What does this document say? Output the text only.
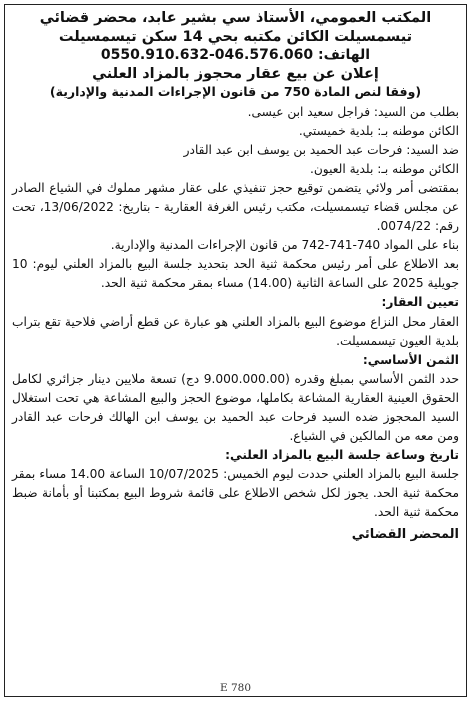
المكتب العمومي، الأستاذ سي بشير عابد، محضر قضائي
تيسمسيلت الكائن مكتبه بحي 14 سكن تيسمسيلت
الهاتف: 046.576.060-0550.910.632
إعلان عن بيع عقار محجوز بالمزاد العلني
(وفقا لنص المادة 750 من قانون الإجراءات المدنية والإدارية)

بطلب من السيد: فراجل سعيد ابن عيسى.

الكائن موطنه بـ: بلدية خميستي.

ضد السيد: فرحات عبد الحميد بن يوسف ابن عبد القادر

الكائن موطنه بـ: بلدية العيون.

بمقتضى أمر ولائي يتضمن توقيع حجز تنفيذي على عقار مشهر مملوك في الشياع الصادر عن مجلس قضاء تيسمسيلت، مكتب رئيس الغرفة العقارية - بتاريخ: 13/06/2022، تحت رقم: 0074/22.

بناء على المواد 740-741-742 من قانون الإجراءات المدنية والإدارية.

بعد الاطلاع على أمر رئيس محكمة ثنية الحد بتحديد جلسة البيع بالمزاد العلني ليوم: 10 جويلية 2025 على الساعة الثانية (14.00) مساء بمقر محكمة ثنية الحد.

تعيين العقار:

العقار محل النزاع موضوع البيع بالمزاد العلني هو عبارة عن قطع أراضي فلاحية تقع بتراب بلدية العيون تيسمسيلت.

الثمن الأساسي:

حدد الثمن الأساسي بمبلغ وقدره (9.000.000.00 دج) تسعة ملايين دينار جزائري لكامل الحقوق العينية العقارية المشاعة بكاملها، موضوع الحجز والبيع المشاعة هي تحت استغلال السيد المحجوز ضده السيد فرحات عبد الحميد بن يوسف ابن الهالك فرحات عبد القادر ومن معه من المالكين في الشياع.

تاريخ وساعة جلسة البيع بالمزاد العلني:

جلسة البيع بالمزاد العلني حددت ليوم الخميس: 10/07/2025 الساعة 14.00 مساء بمقر محكمة ثنية الحد. يجوز لكل شخص الاطلاع على قائمة شروط البيع بمكتبنا أو بأمانة ضبط محكمة ثنية الحد.

المحضر القضائي
E 780
